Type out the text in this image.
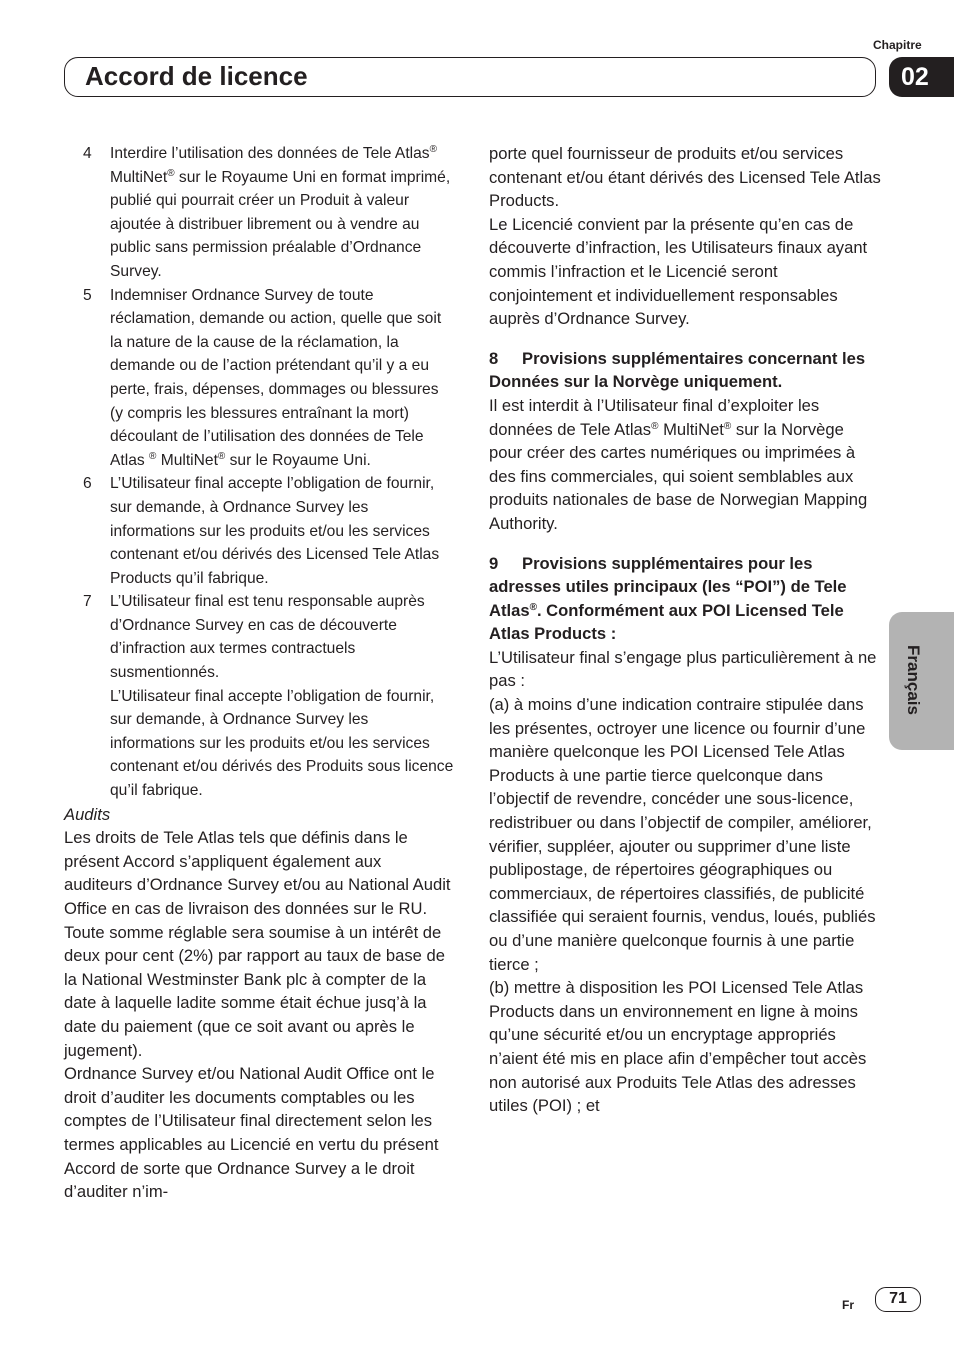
Chapitre
02
Accord de licence
4 Interdire l’utilisation des données de Tele Atlas® MultiNet® sur le Royaume Uni en format imprimé, publié qui pourrait créer un Produit à valeur ajoutée à distribuer librement ou à vendre au public sans permission préalable d’Ordnance Survey.

5 Indemniser Ordnance Survey de toute réclamation, demande ou action, quelle que soit la nature de la cause de la réclamation, la demande ou de l’action prétendant qu’il y a eu perte, frais, dépenses, dommages ou blessures (y compris les blessures entraînant la mort) découlant de l’utilisation des données de Tele Atlas ® MultiNet® sur le Royaume Uni.

6 L’Utilisateur final accepte l’obligation de fournir, sur demande, à Ordnance Survey les informations sur les produits et/ou les services contenant et/ou dérivés des Licensed Tele Atlas Products qu’il fabrique.

7 L’Utilisateur final est tenu responsable auprès d’Ordnance Survey en cas de découverte d’infraction aux termes contractuels susmentionnés.

L’Utilisateur final accepte l’obligation de fournir, sur demande, à Ordnance Survey les informations sur les produits et/ou les services contenant et/ou dérivés des Produits sous licence qu’il fabrique.

Audits

Les droits de Tele Atlas tels que définis dans le présent Accord s’appliquent également aux auditeurs d’Ordnance Survey et/ou au National Audit Office en cas de livraison des données sur le RU. Toute somme réglable sera soumise à un intérêt de deux pour cent (2%) par rapport au taux de base de la National Westminster Bank plc à compter de la date à laquelle ladite somme était échue jusq’à la date du paiement (que ce soit avant ou après le jugement).

Ordnance Survey et/ou National Audit Office ont le droit d’auditer les documents comptables ou les comptes de l’Utilisateur final directement selon les termes applicables au Licencié en vertu du présent Accord de sorte que Ordnance Survey a le droit d’auditer n’im-

porte quel fournisseur de produits et/ou services contenant et/ou étant dérivés des Licensed Tele Atlas Products.

Le Licencié convient par la présente qu’en cas de découverte d’infraction, les Utilisateurs finaux ayant commis l’infraction et le Licencié seront conjointement et individuellement responsables auprès d’Ordnance Survey.

8 Provisions supplémentaires concernant les Données sur la Norvège uniquement.

Il est interdit à l’Utilisateur final d’exploiter les données de Tele Atlas® MultiNet® sur la Norvège pour créer des cartes numériques ou imprimées à des fins commerciales, qui soient semblables aux produits nationales de base de Norwegian Mapping Authority.

9 Provisions supplémentaires pour les adresses utiles principaux (les “POI”) de Tele Atlas®. Conformément aux POI Licensed Tele Atlas Products :

L’Utilisateur final s’engage plus particulièrement à ne pas :

(a) à moins d’une indication contraire stipulée dans les présentes, octroyer une licence ou fournir d’une manière quelconque les POI Licensed Tele Atlas Products à une partie tierce quelconque dans l’objectif de revendre, concéder une sous-licence, redistribuer ou dans l’objectif de compiler, améliorer, vérifier, suppléer, ajouter ou supprimer d’une liste publipostage, de répertoires géographiques ou commerciaux, de répertoires classifiés, de publicité classifiée qui seraient fournis, vendus, loués, publiés ou d’une manière quelconque fournis à une partie tierce ;

(b) mettre à disposition les POI Licensed Tele Atlas Products dans un environnement en ligne à moins qu’une sécurité et/ou un encryptage appropriés n’aient été mis en place afin d’empêcher tout accès non autorisé aux Produits Tele Atlas des adresses utiles (POI) ; et

Français
Fr	71
